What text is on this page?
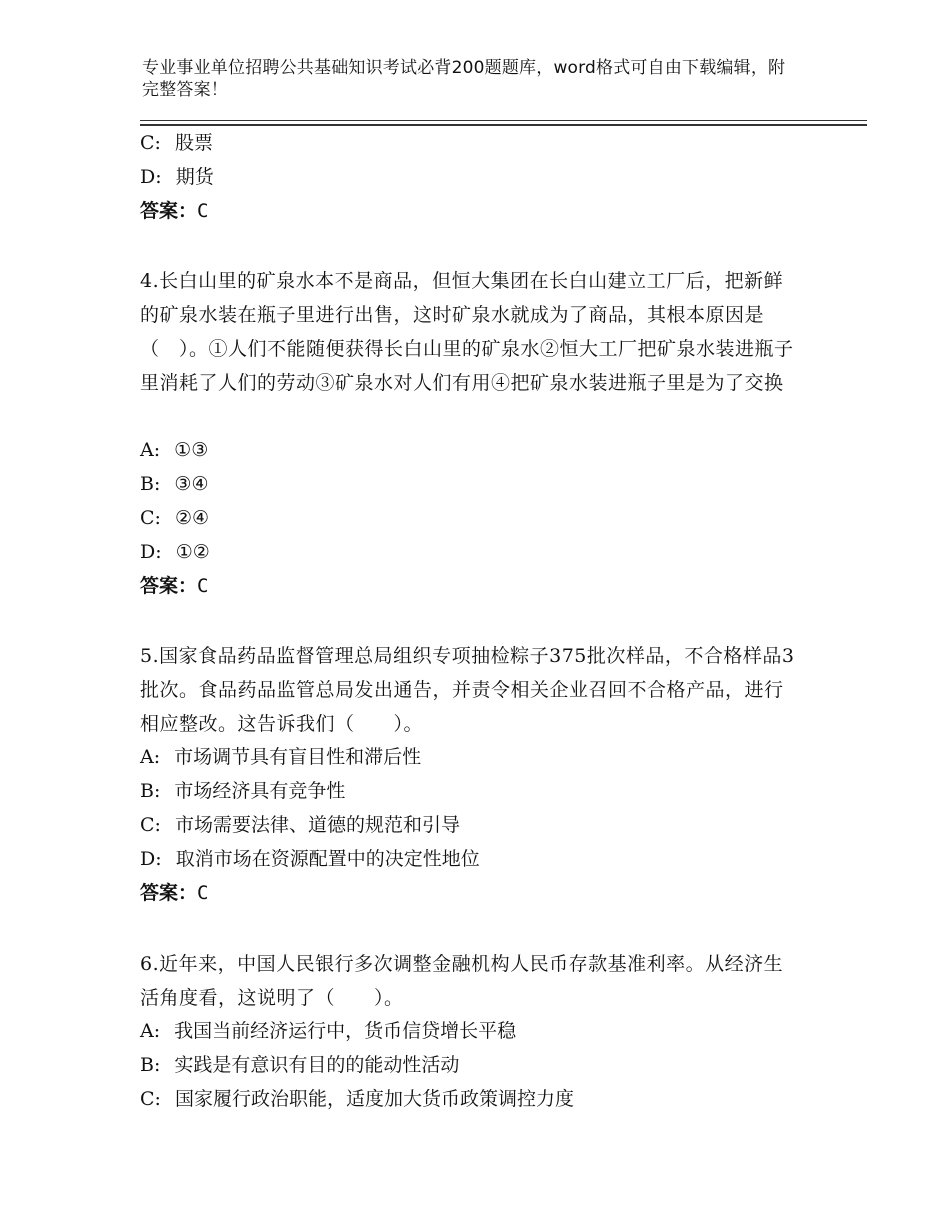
专业事业单位招聘公共基础知识考试必背200题题库，word格式可自由下载编辑，附完整答案！
C: 股票
D: 期货
答案：C
4.长白山里的矿泉水本不是商品，但恒大集团在长白山建立工厂后，把新鲜的矿泉水装在瓶子里进行出售，这时矿泉水就成为了商品，其根本原因是（　）。①人们不能随便获得长白山里的矿泉水②恒大工厂把矿泉水装进瓶子里消耗了人们的劳动③矿泉水对人们有用④把矿泉水装进瓶子里是为了交换
A: ①③
B: ③④
C: ②④
D: ①②
答案：C
5.国家食品药品监督管理总局组织专项抽检粽子375批次样品，不合格样品3批次。食品药品监管总局发出通告，并责令相关企业召回不合格产品，进行相应整改。这告诉我们（　　）。
A: 市场调节具有盲目性和滞后性
B: 市场经济具有竞争性
C: 市场需要法律、道德的规范和引导
D: 取消市场在资源配置中的决定性地位
答案：C
6.近年来，中国人民银行多次调整金融机构人民币存款基准利率。从经济生活角度看，这说明了（　　）。
A: 我国当前经济运行中，货币信贷增长平稳
B: 实践是有意识有目的的能动性活动
C: 国家履行政治职能，适度加大货币政策调控力度
